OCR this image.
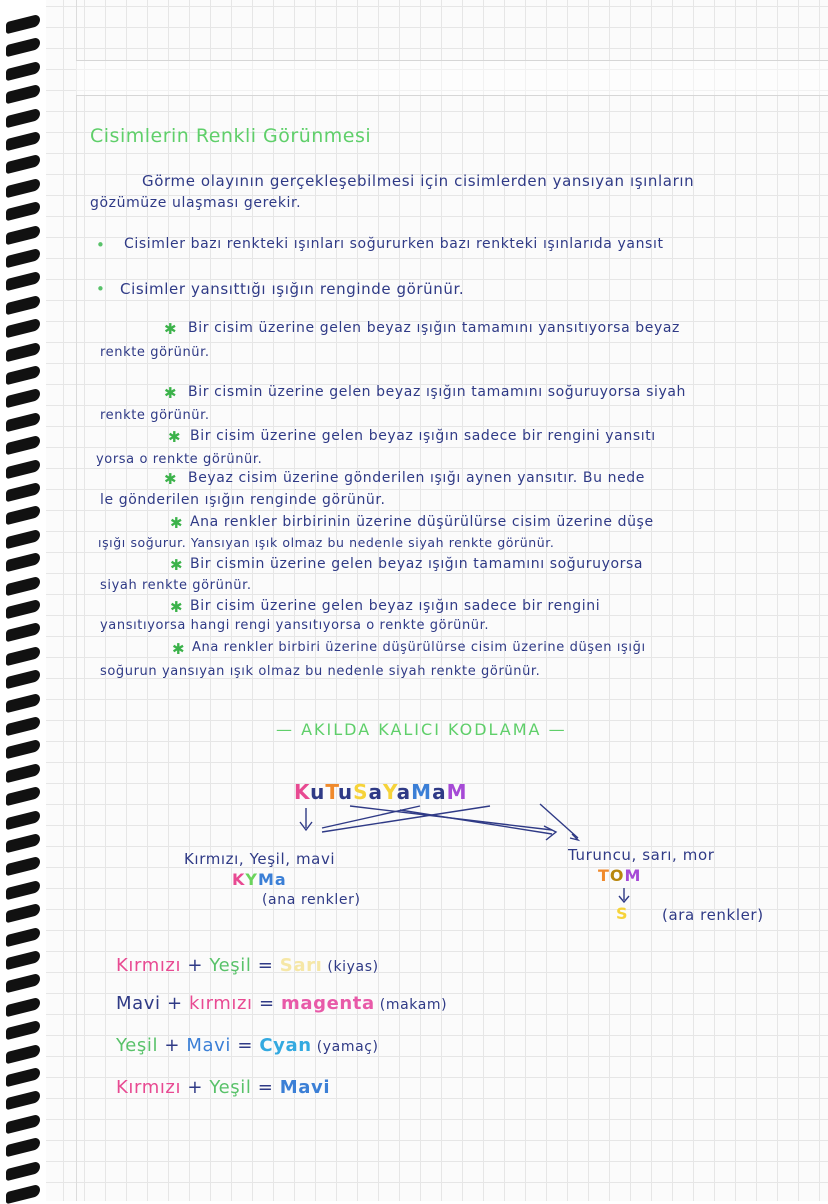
Cisimlerin Renkli Görünmesi
Görme olayının gerçekleşebilmesi için cisimlerden yansıyan ışınların
gözümüze ulaşması gerekir.
• Cisimler bazı renkteki ışınları soğururken bazı renkteki ışınlarıda yansıt
• Cisimler yansıttığı ışığın renginde görünür.
✱ Bir cisim üzerine gelen beyaz ışığın tamamını yansıtıyorsa beyaz
renkte görünür.
✱ Bir cismin üzerine gelen beyaz ışığın tamamını soğuruyorsa siyah
renkte görünür.
✱ Bir cisim üzerine gelen beyaz ışığın sadece bir rengini yansıtı
yorsa o renkte görünür.
✱ Beyaz cisim üzerine gönderilen ışığı aynen yansıtır. Bu nede
le gönderilen ışığın renginde görünür.
✱ Ana renkler birbirinin üzerine düşürülürse cisim üzerine düşe
ışığı soğurur. Yansıyan ışık olmaz bu nedenle siyah renkte görünür.
✱ Bir cismin üzerine gelen beyaz ışığın tamamını soğuruyorsa
siyah renkte görünür.
✱ Bir cisim üzerine gelen beyaz ışığın sadece bir rengini
yansıtıyorsa hangi rengi yansıtıyorsa o renkte görünür.
✱ Ana renkler birbiri üzerine düşürülürse cisim üzerine düşen ışığı
soğurun yansıyan ışık olmaz bu nedenle siyah renkte görünür.
— AKILDA KALICI KODLAMA —
KuTuSaYaMaM
Kırmızı, Yeşil, mavi
KYMa
(ana renkler)
Turuncu, sarı, mor
TOM
S (ara renkler)
Kırmızı + Yeşil = Sarı (kiyas)
Mavi + kırmızı = magenta (makam)
Yeşil + Mavi = Cyan (yamaç)
Kırmızı + Yeşil = Mavi
